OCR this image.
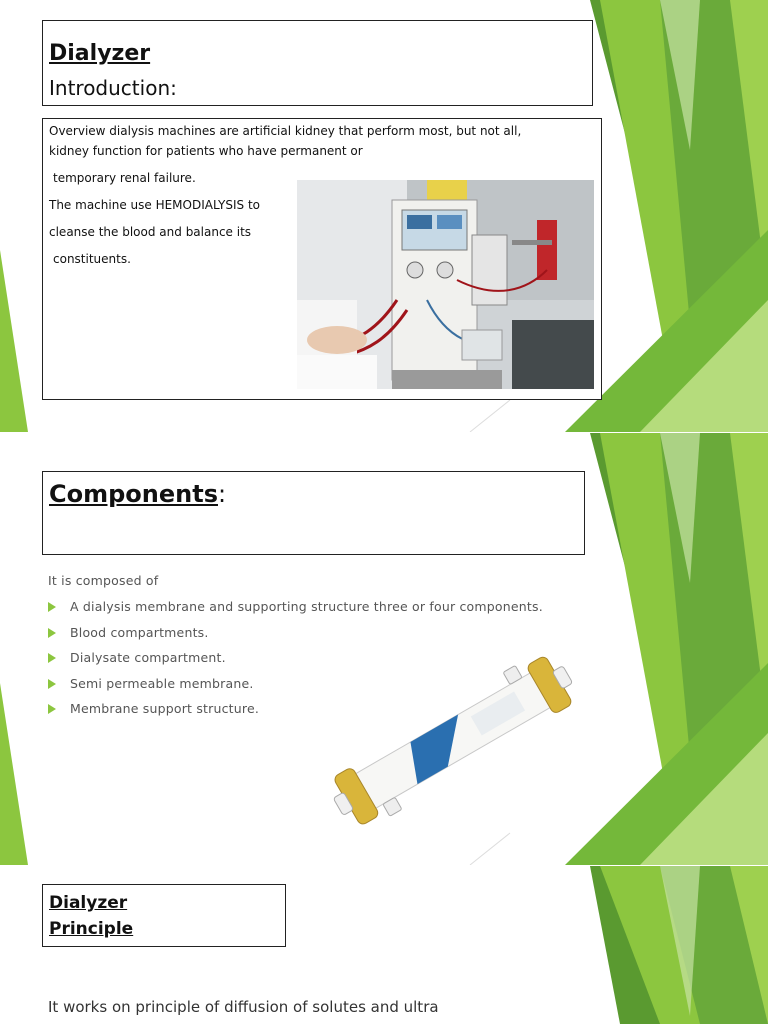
Dialyzer
Introduction:
Overview dialysis machines are artificial kidney that perform most, but not all,
kidney function for patients who have permanent or
temporary renal failure.
The machine use HEMODIALYSIS to
cleanse the blood and balance its
constituents.
Components:
It is composed of
A dialysis membrane and supporting structure three or four components.
Blood compartments.
Dialysate compartment.
Semi permeable membrane.
Membrane support structure.
Dialyzer
Principle
It works on principle of diffusion of solutes and ultra
